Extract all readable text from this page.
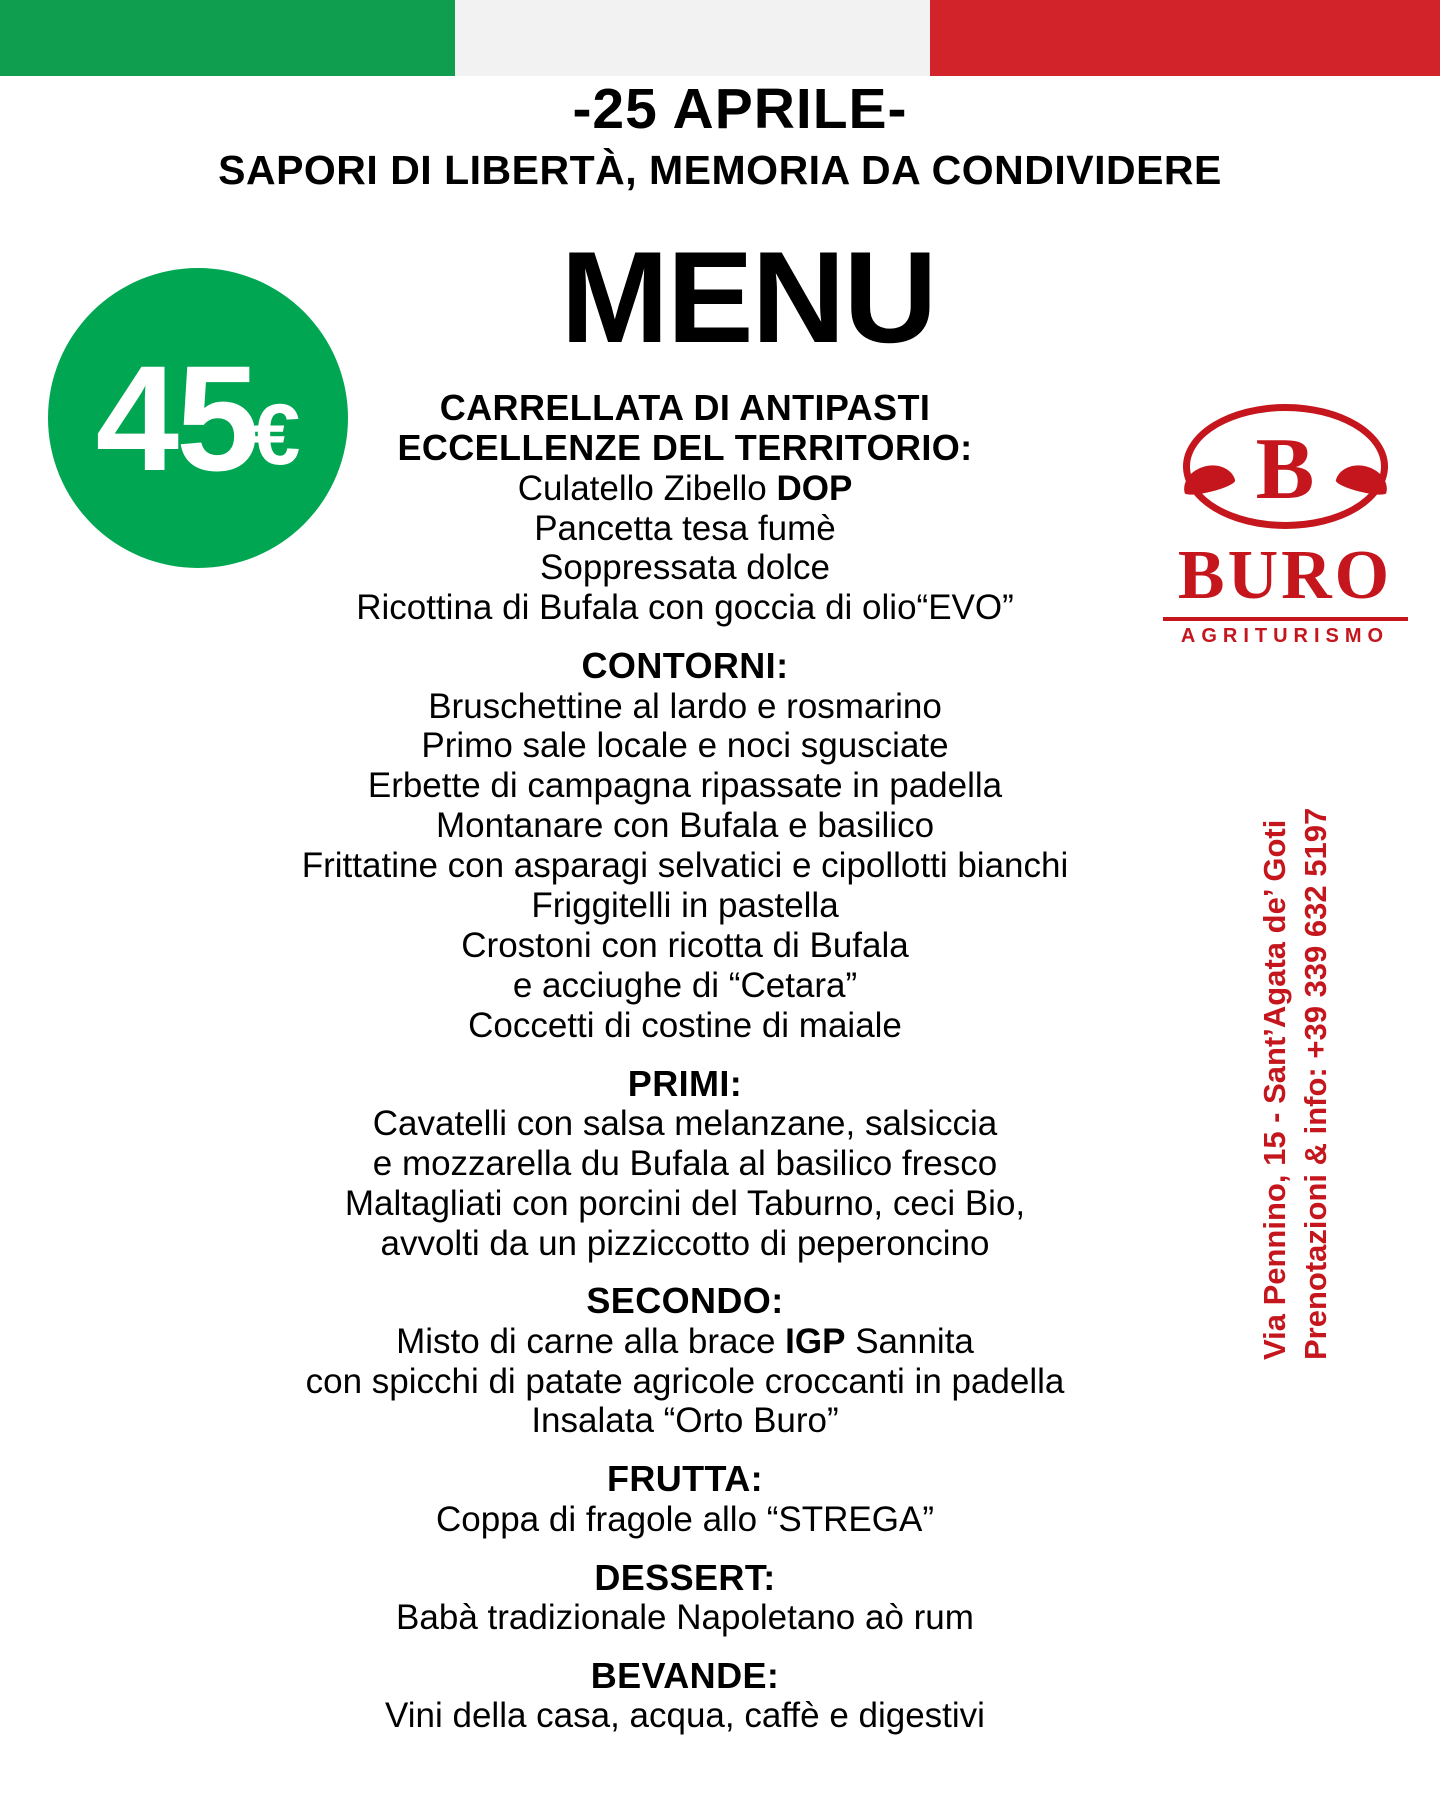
-25 APRILE-
SAPORI DI LIBERTÀ, MEMORIA DA CONDIVIDERE
MENU
45
€	CARRELLATA DI ANTIPASTI
ECCELLENZE DEL TERRITORIO:
Culatello Zibello DOP
Pancetta tesa fumè
Soppressata dolce
Ricottina di Bufala con goccia di olio“EVO”
CONTORNI:
Bruschettine al lardo e rosmarino
Primo sale locale e noci sgusciate
Erbette di campagna ripassate in padella
Montanare con Bufala e basilico
Frittatine con asparagi selvatici e cipollotti bianchi
Friggitelli in pastella
Crostoni con ricotta di Bufala
e acciughe di “Cetara”
Coccetti di costine di maiale
PRIMI:
Cavatelli con salsa melanzane, salsiccia
e mozzarella du Bufala al basilico fresco
Maltagliati con porcini del Taburno, ceci Bio,
avvolti da un pizziccotto di peperoncino
SECONDO:
Misto di carne alla brace IGP Sannita
con spicchi di patate agricole croccanti in padella
Insalata “Orto Buro”
FRUTTA:
Coppa di fragole allo “STREGA”
DESSERT:
Babà tradizionale Napoletano aò rum
BEVANDE:
Vini della casa, acqua, caffè e digestivi
B
BURO
AGRITURISMO
Via Pennino, 15 - Sant’Agata de’ Goti Prenotazioni & info: +39 339 632 5197
